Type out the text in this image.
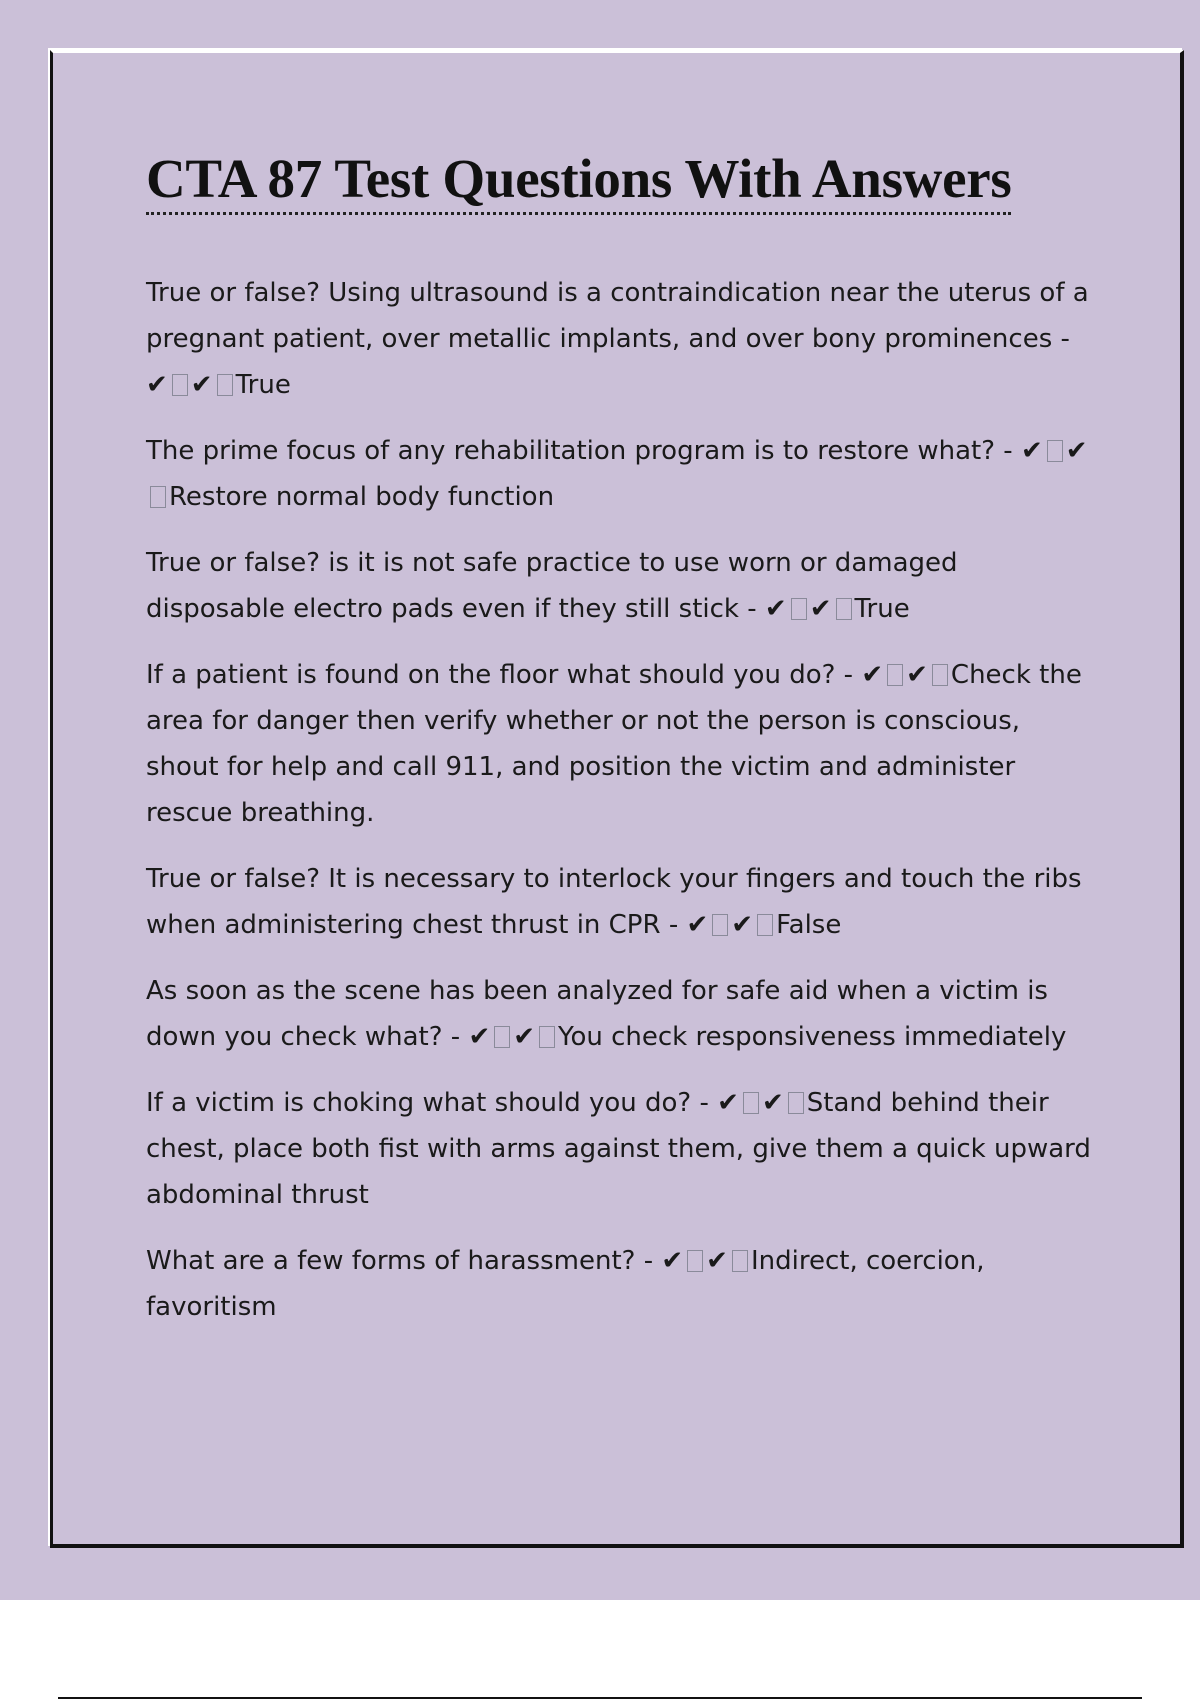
CTA 87 Test Questions With Answers
True or false? Using ultrasound is a contraindication near the uterus of a pregnant patient, over metallic implants, and over bony prominences - ✔ ✔ True
The prime focus of any rehabilitation program is to restore what? - ✔ ✔Restore normal body function
True or false? is it is not safe practice to use worn or damaged disposable electro pads even if they still stick - ✔ ✔ True
If a patient is found on the floor what should you do? - ✔ ✔ Check the area for danger then verify whether or not the person is conscious, shout for help and call 911, and position the victim and administer rescue breathing.
True or false? It is necessary to interlock your fingers and touch the ribs when administering chest thrust in CPR - ✔ ✔ False
As soon as the scene has been analyzed for safe aid when a victim is down you check what? - ✔ ✔ You check responsiveness immediately
If a victim is choking what should you do? - ✔ ✔ Stand behind their chest, place both fist with arms against them, give them a quick upward abdominal thrust
What are a few forms of harassment? - ✔ ✔ Indirect, coercion, favoritism
